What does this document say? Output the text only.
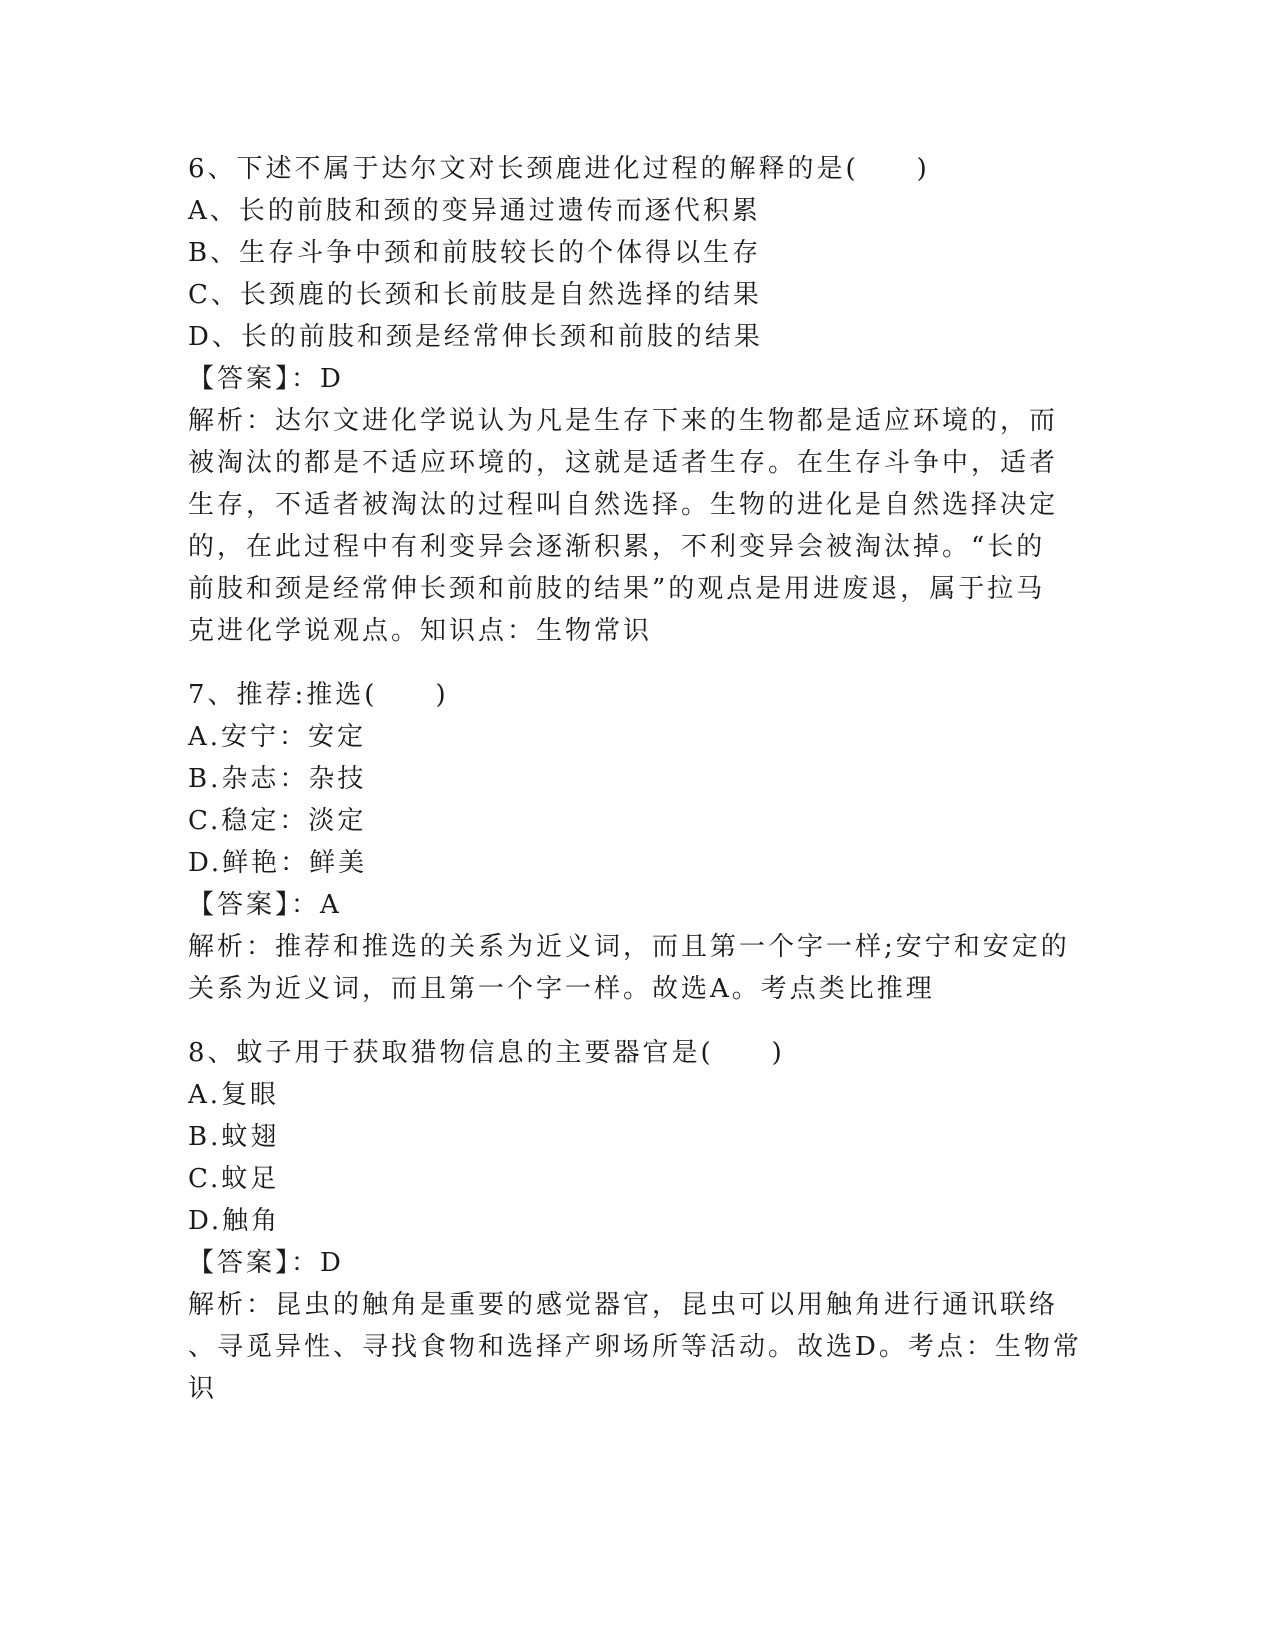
6、下述不属于达尔文对长颈鹿进化过程的解释的是(　　)
A、长的前肢和颈的变异通过遗传而逐代积累
B、生存斗争中颈和前肢较长的个体得以生存
C、长颈鹿的长颈和长前肢是自然选择的结果
D、长的前肢和颈是经常伸长颈和前肢的结果
【答案】：D
解析：达尔文进化学说认为凡是生存下来的生物都是适应环境的，而
被淘汰的都是不适应环境的，这就是适者生存。在生存斗争中，适者
生存，不适者被淘汰的过程叫自然选择。生物的进化是自然选择决定
的，在此过程中有利变异会逐渐积累，不利变异会被淘汰掉。“长的
前肢和颈是经常伸长颈和前肢的结果”的观点是用进废退，属于拉马
克进化学说观点。知识点：生物常识
7、推荐:推选(　　)
A.安宁：安定
B.杂志：杂技
C.稳定：淡定
D.鲜艳：鲜美
【答案】：A
解析：推荐和推选的关系为近义词，而且第一个字一样;安宁和安定的
关系为近义词，而且第一个字一样。故选A。考点类比推理
8、蚊子用于获取猎物信息的主要器官是(　　)
A.复眼
B.蚊翅
C.蚊足
D.触角
【答案】：D
解析：昆虫的触角是重要的感觉器官，昆虫可以用触角进行通讯联络
、寻觅异性、寻找食物和选择产卵场所等活动。故选D。考点：生物常
识
